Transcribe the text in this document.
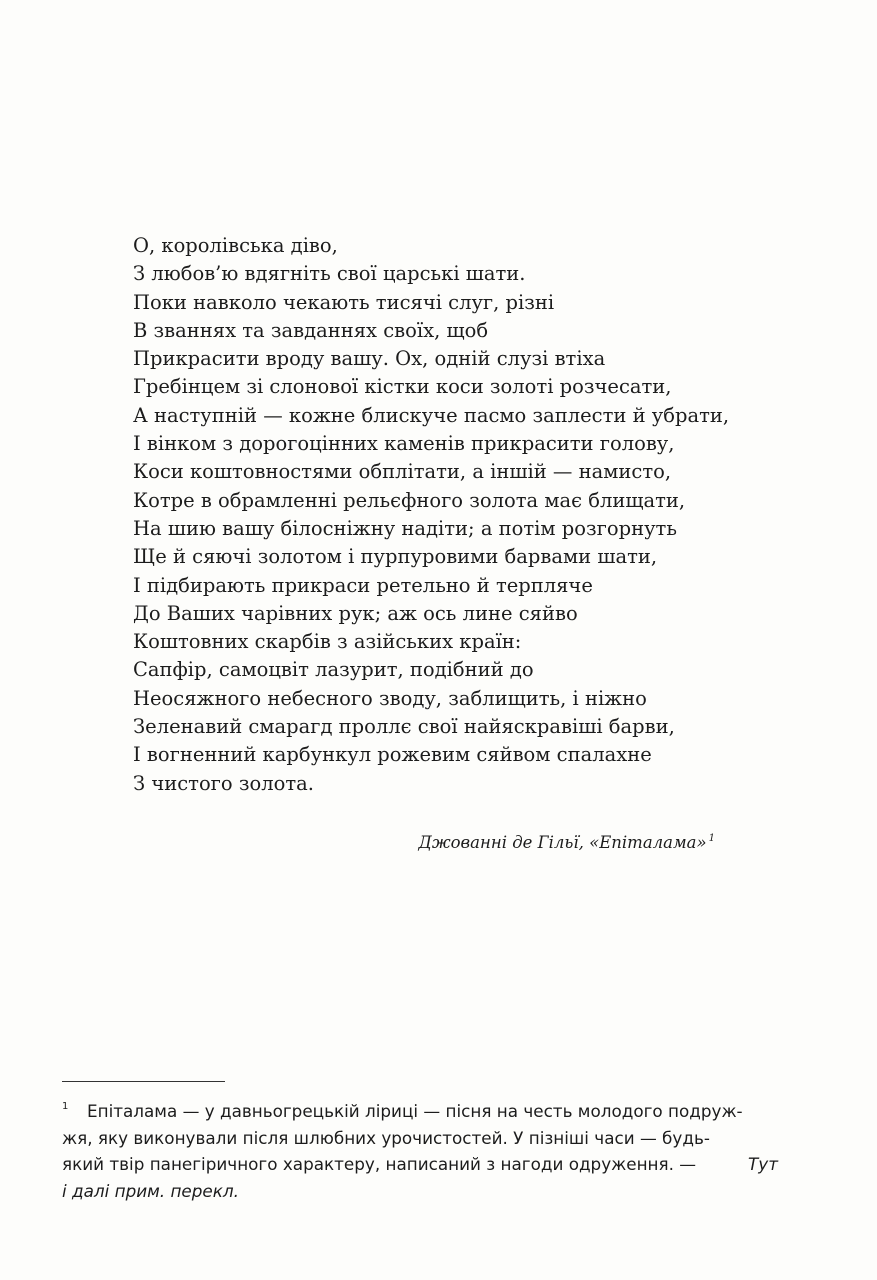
О, королівська діво,
З любов’ю вдягніть свої царські шати.
Поки навколо чекають тисячі слуг, різні
В званнях та завданнях своїх, щоб
Прикрасити вроду вашу. Ох, одній слузі втіха
Гребінцем зі слонової кістки коси золоті розчесати,
А наступній — кожне блискуче пасмо заплести й убрати,
І вінком з дорогоцінних каменів прикрасити голову,
Коси коштовностями обплітати, а іншій — намисто,
Котре в обрамленні рельєфного золота має блищати,
На шию вашу білосніжну надіти; а потім розгорнуть
Ще й сяючі золотом і пурпуровими барвами шати,
І підбирають прикраси ретельно й терпляче
До Ваших чарівних рук; аж ось лине сяйво
Коштовних скарбів з азійських країн:
Сапфір, самоцвіт лазурит, подібний до
Неосяжного небесного зводу, заблищить, і ніжно
Зеленавий смарагд проллє свої найяскравіші барви,
І вогненний карбункул рожевим сяйвом спалахне
З чистого золота.
Джованні де Гільї, «Епіталама» $^1$
1	Епіталама — у давньогрецькій ліриці — пісня на честь молодого подруж-
жя, яку виконували після шлюбних урочистостей. У пізніші часи — будь-
який твір панегіричного характеру, написаний з нагоди одруження. —	Тут
і далі прим. перекл.
